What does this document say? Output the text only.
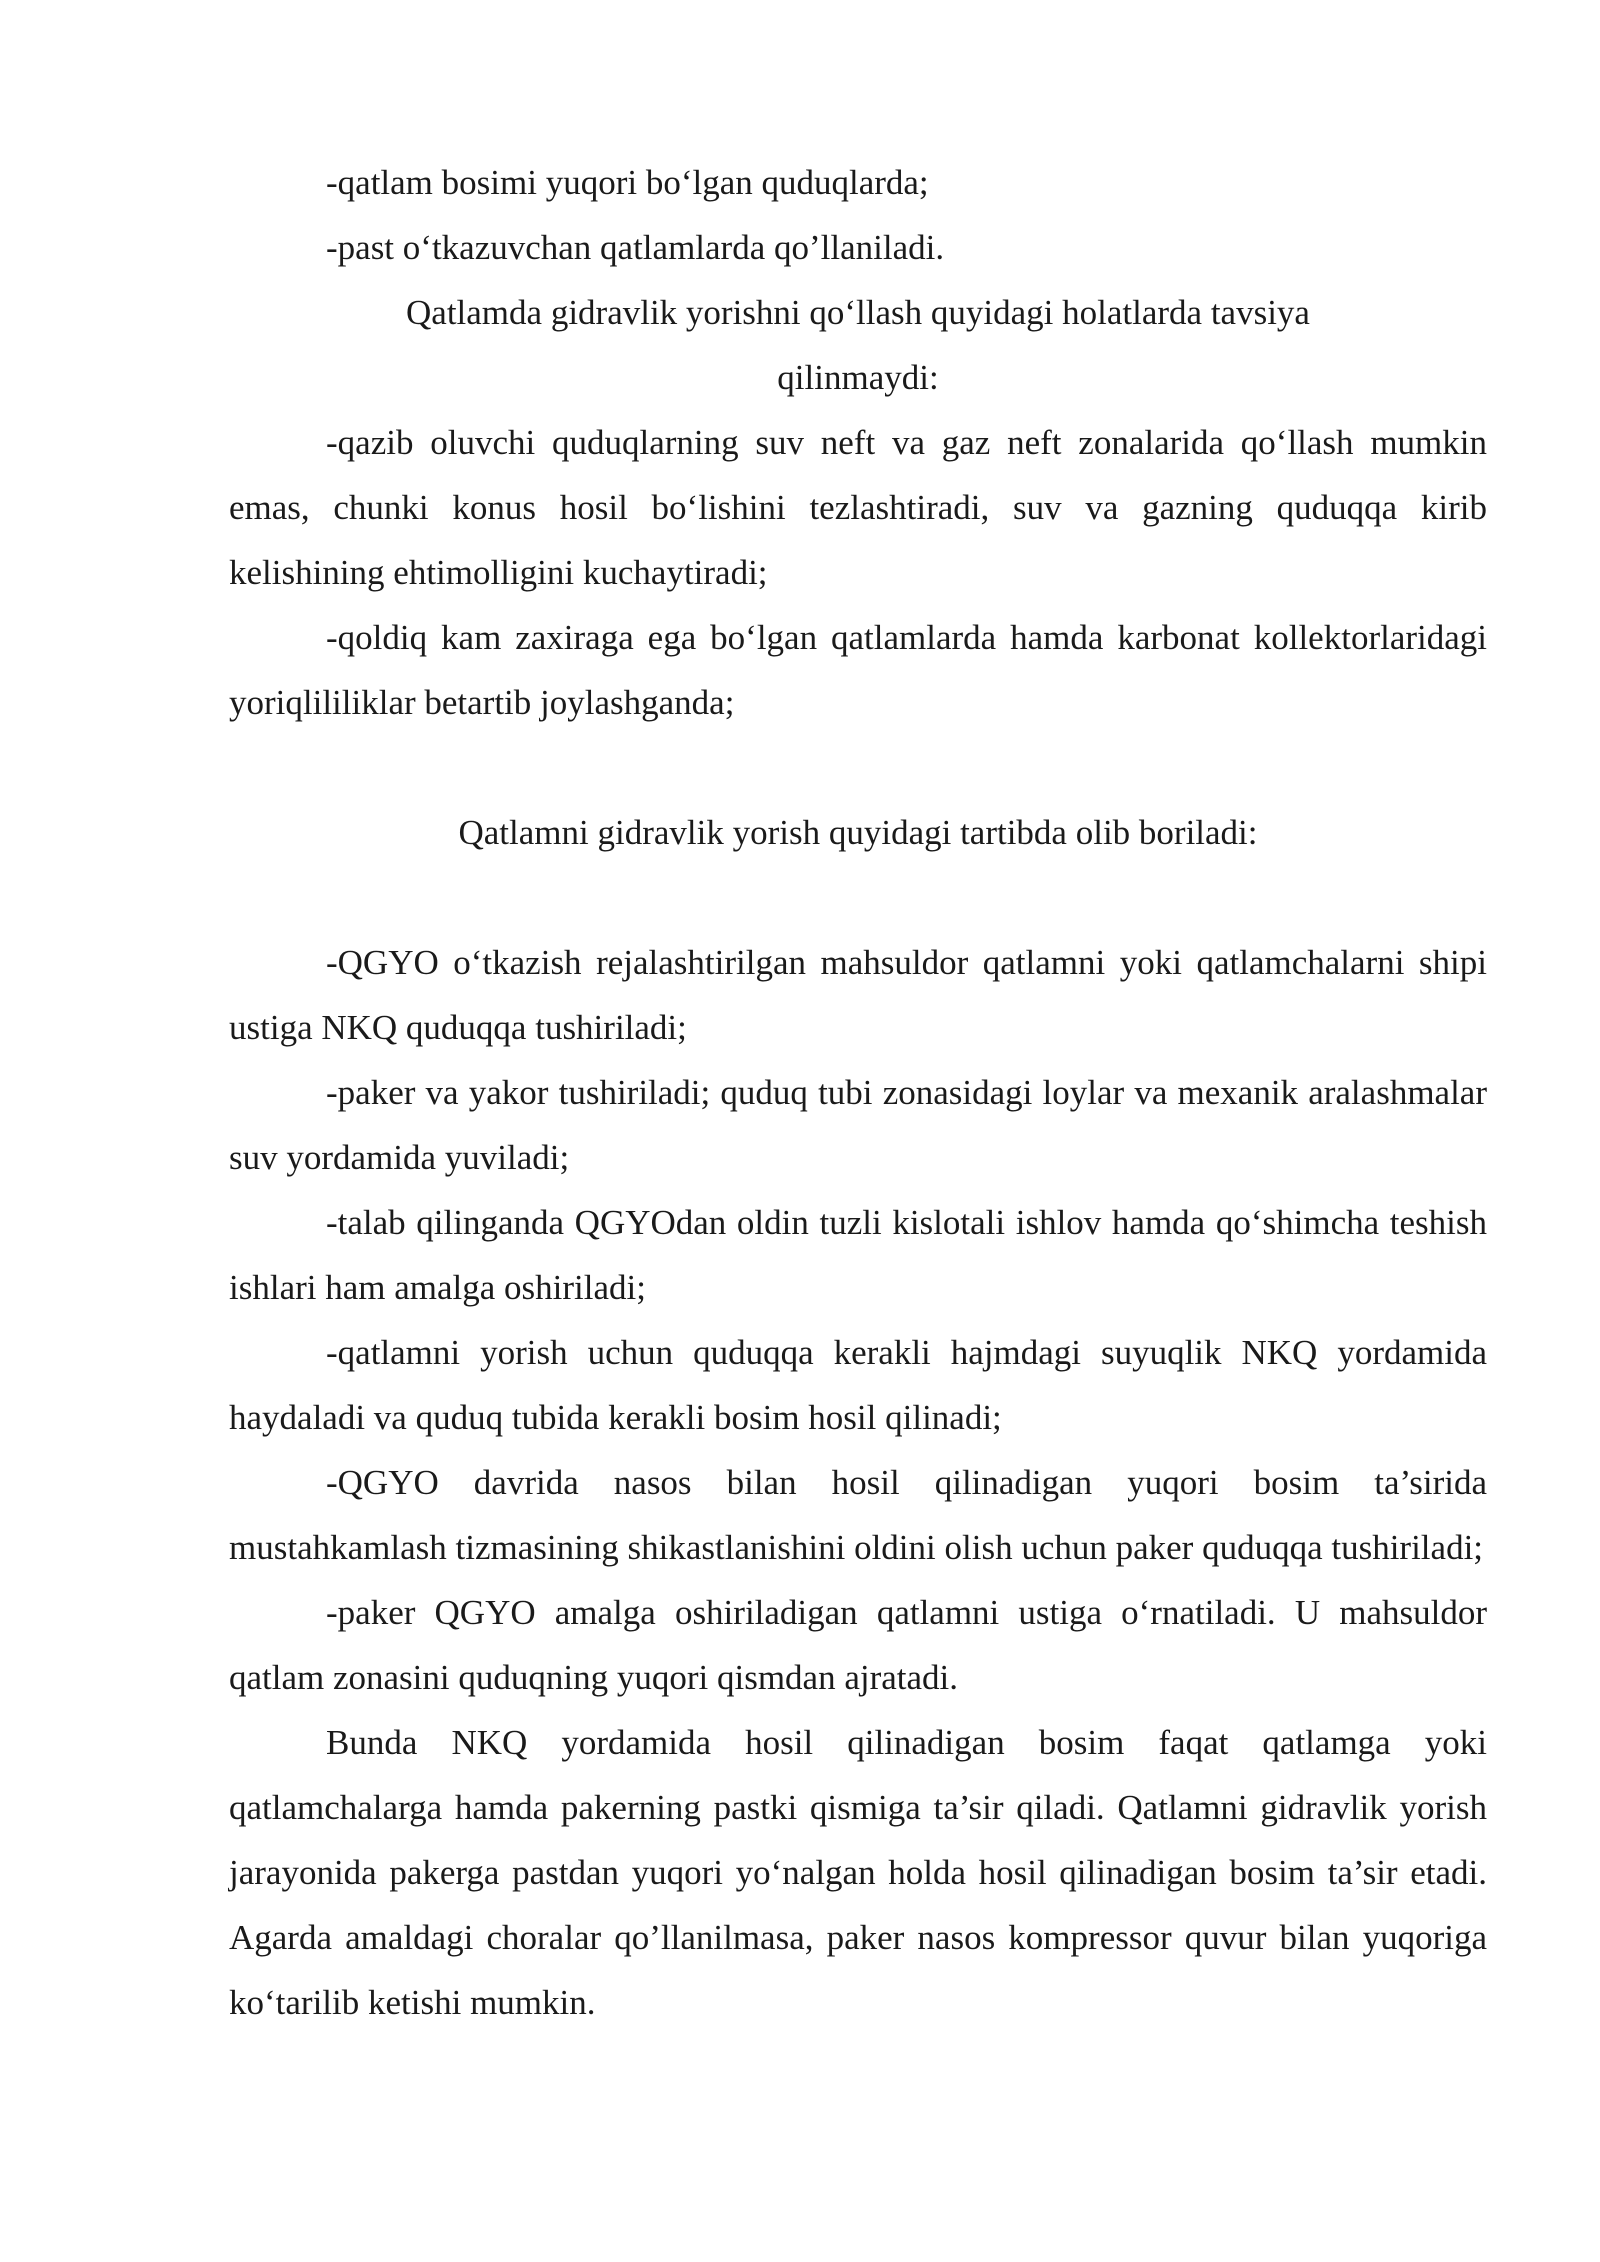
-qatlam bosimi yuqori bo‘lgan quduqlarda;

-past o‘tkazuvchan qatlamlarda qo’llaniladi.

Qatlamda gidravlik yorishni qo‘llash quyidagi holatlarda tavsiya

qilinmaydi:

-qazib oluvchi quduqlarning suv neft va gaz neft zonalarida qo‘llash mumkin emas, chunki konus hosil bo‘lishini tezlashtiradi, suv va gazning quduqqa kirib kelishining ehtimolligini kuchaytiradi;

-qoldiq kam zaxiraga ega bo‘lgan qatlamlarda hamda karbonat kollektorlaridagi yoriqlililiklar betartib joylashganda;

Qatlamni gidravlik yorish quyidagi tartibda olib boriladi:

-QGYO o‘tkazish rejalashtirilgan mahsuldor qatlamni yoki qatlamchalarni shipi ustiga NKQ quduqqa tushiriladi;

-paker va yakor tushiriladi; quduq tubi zonasidagi loylar va mexanik aralashmalar suv yordamida yuviladi;

-talab qilinganda QGYOdan oldin tuzli kislotali ishlov hamda qo‘shimcha teshish ishlari ham amalga oshiriladi;

-qatlamni yorish uchun quduqqa kerakli hajmdagi suyuqlik NKQ yordamida haydaladi va quduq tubida kerakli bosim hosil qilinadi;

-QGYO davrida nasos bilan hosil qilinadigan yuqori bosim ta’sirida mustahkamlash tizmasining shikastlanishini oldini olish uchun paker quduqqa tushiriladi;

-paker QGYO amalga oshiriladigan qatlamni ustiga o‘rnatiladi. U mahsuldor qatlam zonasini quduqning yuqori qismdan ajratadi.

Bunda NKQ yordamida hosil qilinadigan bosim faqat qatlamga yoki qatlamchalarga hamda pakerning pastki qismiga ta’sir qiladi. Qatlamni gidravlik yorish jarayonida pakerga pastdan yuqori yo‘nalgan holda hosil qilinadigan bosim ta’sir etadi. Agarda amaldagi choralar qo’llanilmasa, paker nasos kompressor quvur bilan yuqoriga ko‘tarilib ketishi mumkin.
